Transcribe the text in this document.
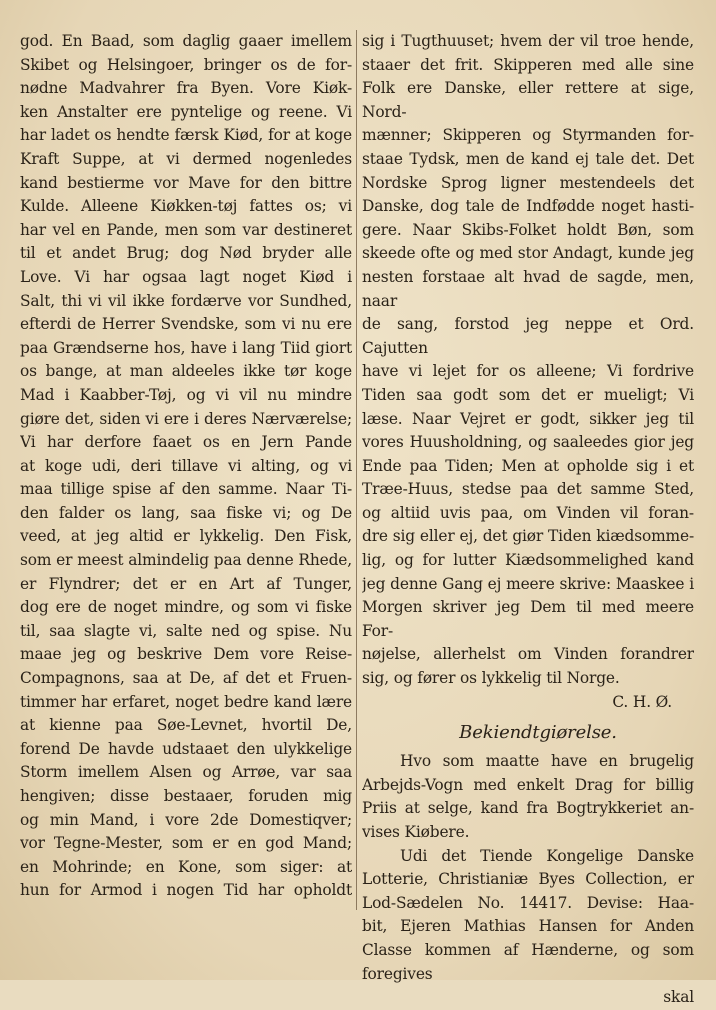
god. En Baad, som daglig gaaer imellem
Skibet og Helsingoer, bringer os de for-
nødne Madvahrer fra Byen. Vore Kiøk-
ken Anstalter ere pyntelige og reene. Vi
har ladet os hendte færsk Kiød, for at koge
Kraft Suppe, at vi dermed nogenledes
kand bestierme vor Mave for den bittre
Kulde. Alleene Kiøkken-tøj fattes os; vi
har vel en Pande, men som var destineret
til et andet Brug; dog Nød bryder alle
Love. Vi har ogsaa lagt noget Kiød i
Salt, thi vi vil ikke fordærve vor Sundhed,
efterdi de Herrer Svendske, som vi nu ere
paa Grændserne hos, have i lang Tiid giort
os bange, at man aldeeles ikke tør koge
Mad i Kaabber-Tøj, og vi vil nu mindre
giøre det, siden vi ere i deres Nærværelse;
Vi har derfore faaet os en Jern Pande
at koge udi, deri tillave vi alting, og vi
maa tillige spise af den samme. Naar Ti-
den falder os lang, saa fiske vi; og De
veed, at jeg altid er lykkelig. Den Fisk,
som er meest almindelig paa denne Rhede,
er Flyndrer; det er en Art af Tunger,
dog ere de noget mindre, og som vi fiske
til, saa slagte vi, salte ned og spise. Nu
maae jeg og beskrive Dem vore Reise-
Compagnons, saa at De, af det et Fruen-
timmer har erfaret, noget bedre kand lære
at kienne paa Søe-Levnet, hvortil De,
forend De havde udstaaet den ulykkelige
Storm imellem Alsen og Arrøe, var saa
hengiven; disse bestaaer, foruden mig
og min Mand, i vore 2de Domestiqver;
vor Tegne-Mester, som er en god Mand;
en Mohrinde; en Kone, som siger: at
hun for Armod i nogen Tid har opholdt
sig i Tugthuuset; hvem der vil troe hende,
staaer det frit. Skipperen med alle sine
Folk ere Danske, eller rettere at sige, Nord-
mænner; Skipperen og Styrmanden for-
staae Tydsk, men de kand ej tale det. Det
Nordske Sprog ligner mestendeels det
Danske, dog tale de Indfødde noget hasti-
gere. Naar Skibs-Folket holdt Bøn, som
skeede ofte og med stor Andagt, kunde jeg
nesten forstaae alt hvad de sagde, men, naar
de sang, forstod jeg neppe et Ord. Cajutten
have vi lejet for os alleene; Vi fordrive
Tiden saa godt som det er mueligt; Vi
læse. Naar Vejret er godt, sikker jeg til
vores Huusholdning, og saaleedes gior jeg
Ende paa Tiden; Men at opholde sig i et
Træe-Huus, stedse paa det samme Sted,
og altiid uvis paa, om Vinden vil foran-
dre sig eller ej, det giør Tiden kiædsomme-
lig, og for lutter Kiædsommelighed kand
jeg denne Gang ej meere skrive: Maaskee i
Morgen skriver jeg Dem til med meere For-
nøjelse, allerhelst om Vinden forandrer
sig, og fører os lykkelig til Norge.
C. H. Ø.
Bekiendtgiørelse.
Hvo som maatte have en brugelig
Arbejds-Vogn med enkelt Drag for billig
Priis at selge, kand fra Bogtrykkeriet an-
vises Kiøbere.
Udi det Tiende Kongelige Danske
Lotterie, Christianiæ Byes Collection, er
Lod-Sædelen No. 14417. Devise: Haa-
bit, Ejeren Mathias Hansen for Anden
Classe kommen af Hænderne, og som foregives
skal
